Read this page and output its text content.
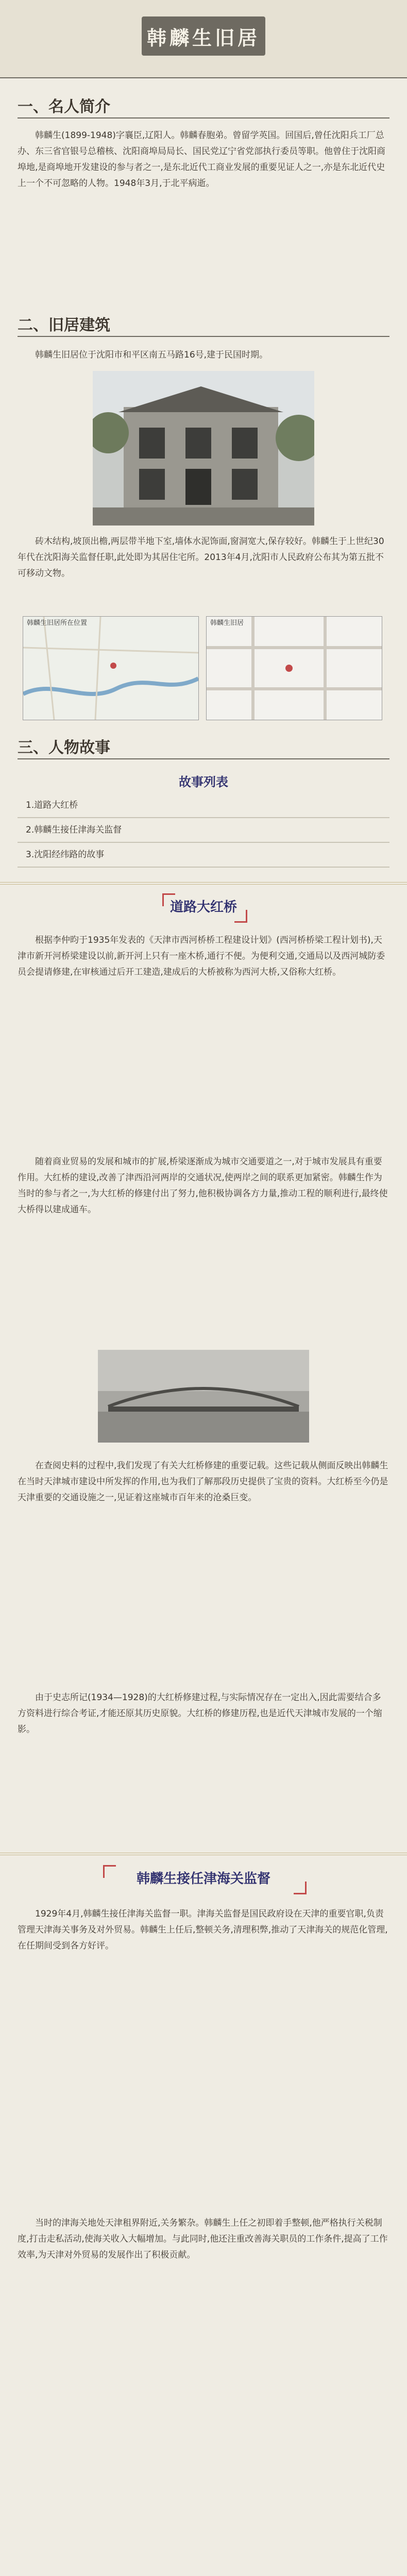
韩麟生旧居
一、名人简介
韩麟生(1899-1948)字襄臣,辽阳人。韩麟春胞弟。曾留学英国。回国后,曾任沈阳兵工厂总办、东三省官银号总稽核、沈阳商埠局局长、国民党辽宁省党部执行委员等职。他曾住于沈阳商埠地,是商埠地开发建设的参与者之一,是东北近代工商业发展的重要见证人之一,亦是东北近代史上一个不可忽略的人物。1948年3月,于北平病逝。
二、旧居建筑
韩麟生旧居位于沈阳市和平区南五马路16号,建于民国时期。
砖木结构,坡顶出檐,两层带半地下室,墙体水泥饰面,窗洞宽大,保存较好。韩麟生于上世纪30年代在沈阳海关监督任职,此处即为其居住宅所。2013年4月,沈阳市人民政府公布其为第五批不可移动文物。
韩麟生旧居所在位置	韩麟生旧居
三、人物故事
故事列表
1.道路大红桥
2.韩麟生接任津海关监督
3.沈阳经纬路的故事
道路大红桥
根据李仲昀于1935年发表的《天津市西河桥桥工程建设计划》(西河桥桥梁工程计划书),天津市新开河桥梁建设以前,新开河上只有一座木桥,通行不便。为便利交通,交通局以及西河城防委员会提请修建,在审核通过后开工建造,建成后的大桥被称为西河大桥,又俗称大红桥。
随着商业贸易的发展和城市的扩展,桥梁逐渐成为城市交通要道之一,对于城市发展具有重要作用。大红桥的建设,改善了津西沿河两岸的交通状况,使两岸之间的联系更加紧密。韩麟生作为当时的参与者之一,为大红桥的修建付出了努力,他积极协调各方力量,推动工程的顺利进行,最终使大桥得以建成通车。
在查阅史料的过程中,我们发现了有关大红桥修建的重要记载。这些记载从侧面反映出韩麟生在当时天津城市建设中所发挥的作用,也为我们了解那段历史提供了宝贵的资料。大红桥至今仍是天津重要的交通设施之一,见证着这座城市百年来的沧桑巨变。
由于史志所记(1934—1928)的大红桥修建过程,与实际情况存在一定出入,因此需要结合多方资料进行综合考证,才能还原其历史原貌。大红桥的修建历程,也是近代天津城市发展的一个缩影。
韩麟生接任津海关监督
1929年4月,韩麟生接任津海关监督一职。津海关监督是国民政府设在天津的重要官职,负责管理天津海关事务及对外贸易。韩麟生上任后,整顿关务,清理积弊,推动了天津海关的规范化管理,在任期间受到各方好评。
当时的津海关地处天津租界附近,关务繁杂。韩麟生上任之初即着手整顿,他严格执行关税制度,打击走私活动,使海关收入大幅增加。与此同时,他还注重改善海关职员的工作条件,提高了工作效率,为天津对外贸易的发展作出了积极贡献。
